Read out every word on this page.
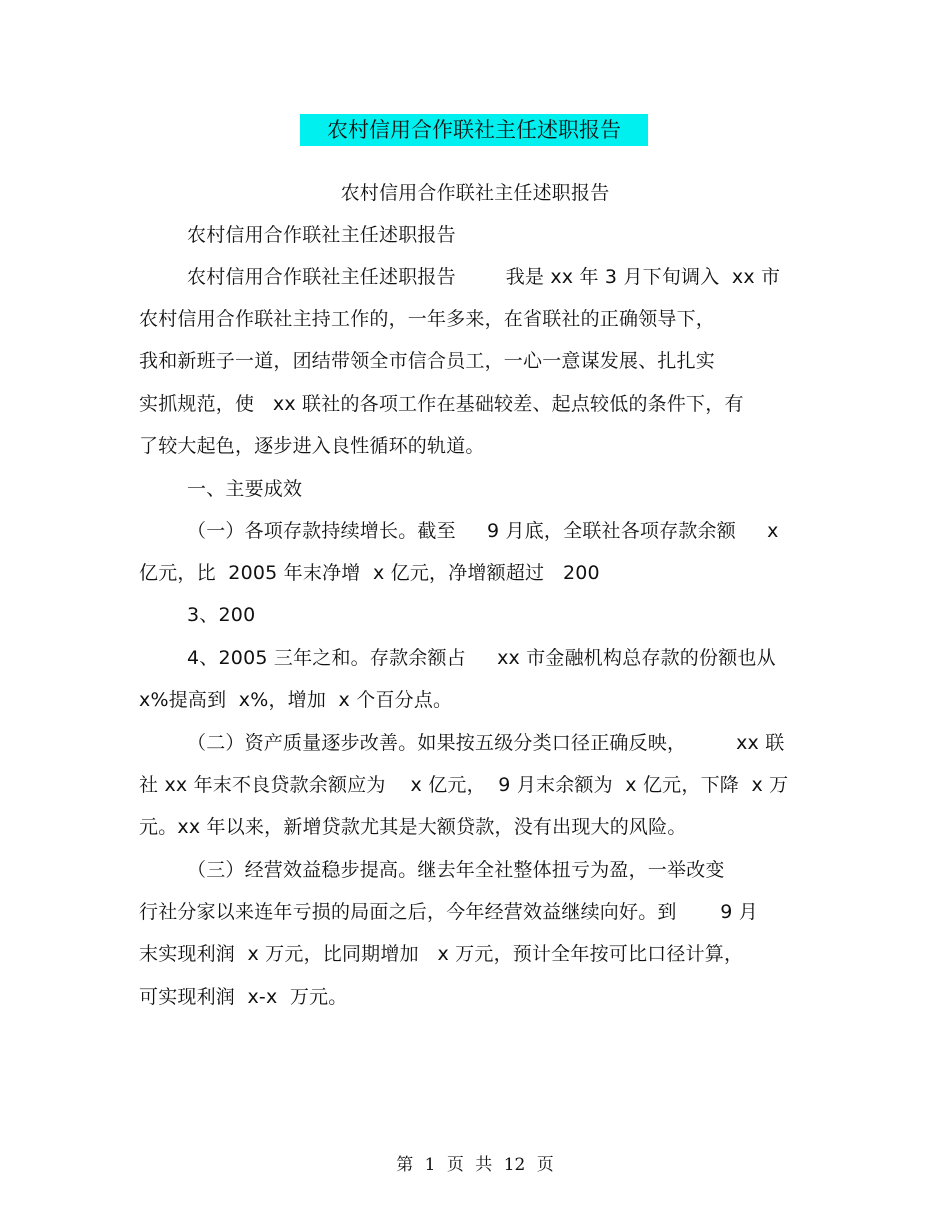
农村信用合作联社主任述职报告
农村信用合作联社主任述职报告
农村信用合作联社主任述职报告
农村信用合作联社主任述职报告        我是 xx 年 3 月下旬调入  xx 市
农村信用合作联社主持工作的，一年多来，在省联社的正确领导下，
我和新班子一道，团结带领全市信合员工，一心一意谋发展、扎扎实
实抓规范，使   xx 联社的各项工作在基础较差、起点较低的条件下，有
了较大起色，逐步进入良性循环的轨道。
一、主要成效
（一）各项存款持续增长。截至     9 月底，全联社各项存款余额     x
亿元，比  2005 年末净增  x 亿元，净增额超过   200
3、200
4、2005 三年之和。存款余额占     xx 市金融机构总存款的份额也从
x%提高到  x%，增加  x 个百分点。
（二）资产质量逐步改善。如果按五级分类口径正确反映，        xx 联
社 xx 年末不良贷款余额应为    x 亿元，  9 月末余额为  x 亿元，下降  x 万
元。xx 年以来，新增贷款尤其是大额贷款，没有出现大的风险。
（三）经营效益稳步提高。继去年全社整体扭亏为盈，一举改变
行社分家以来连年亏损的局面之后，今年经营效益继续向好。到       9 月
末实现利润  x 万元，比同期增加   x 万元，预计全年按可比口径计算，
可实现利润  x-x  万元。
第 1 页 共 12 页
